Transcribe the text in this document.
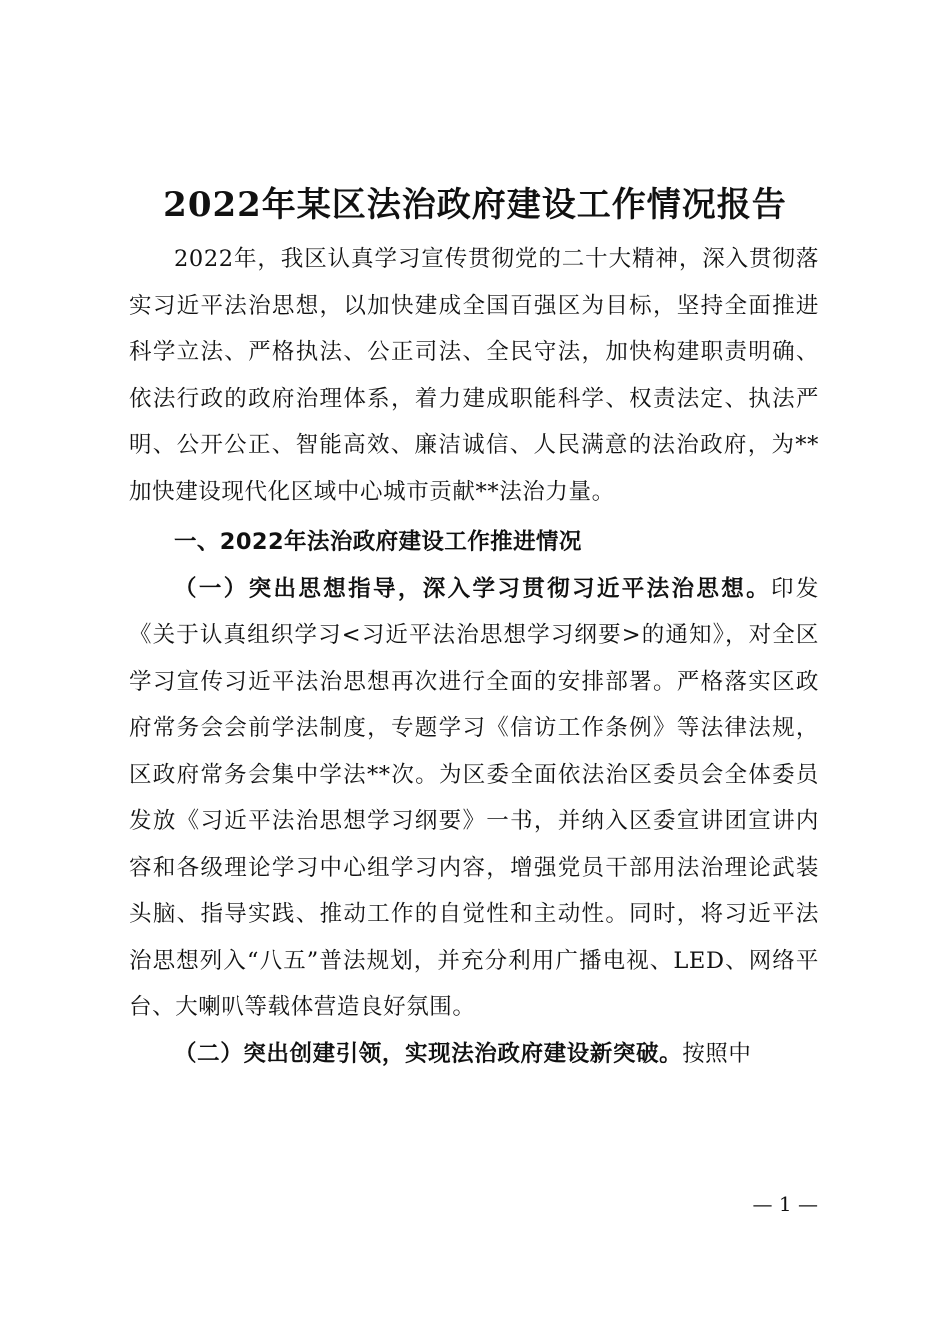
2022年某区法治政府建设工作情况报告

2022年，我区认真学习宣传贯彻党的二十大精神，深入贯彻落实习近平法治思想，以加快建成全国百强区为目标，坚持全面推进科学立法、严格执法、公正司法、全民守法，加快构建职责明确、依法行政的政府治理体系，着力建成职能科学、权责法定、执法严明、公开公正、智能高效、廉洁诚信、人民满意的法治政府，为**加快建设现代化区域中心城市贡献**法治力量。

一、2022年法治政府建设工作推进情况

（一）突出思想指导，深入学习贯彻习近平法治思想。印发《关于认真组织学习<习近平法治思想学习纲要>的通知》，对全区学习宣传习近平法治思想再次进行全面的安排部署。严格落实区政府常务会会前学法制度，专题学习《信访工作条例》等法律法规，区政府常务会集中学法**次。为区委全面依法治区委员会全体委员发放《习近平法治思想学习纲要》一书，并纳入区委宣讲团宣讲内容和各级理论学习中心组学习内容，增强党员干部用法治理论武装头脑、指导实践、推动工作的自觉性和主动性。同时，将习近平法治思想列入“八五”普法规划，并充分利用广播电视、LED、网络平台、大喇叭等载体营造良好氛围。

（二）突出创建引领，实现法治政府建设新突破。按照中

— 1 —
